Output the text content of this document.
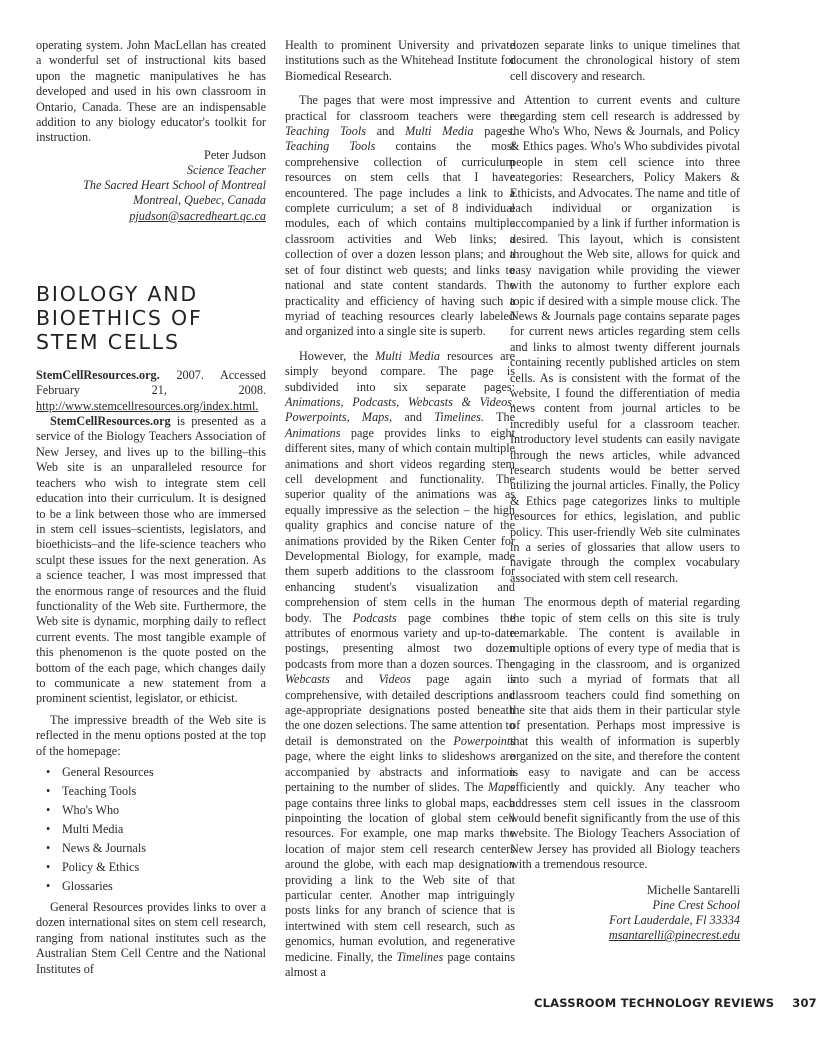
operating system. John MacLellan has created a wonderful set of instructional kits based upon the magnetic manipulatives he has developed and used in his own classroom in Ontario, Canada. These are an indispensable addition to any biology educator's toolkit for instruction.

Peter Judson
Science Teacher
The Sacred Heart School of Montreal
Montreal, Quebec, Canada
pjudson@sacredheart.qc.ca
BIOLOGY AND BIOETHICS OF STEM CELLS

StemCellResources.org. 2007. Accessed February 21, 2008. http://www.stemcellresources.org/index.html.

StemCellResources.org is presented as a service of the Biology Teachers Association of New Jersey, and lives up to the billing–this Web site is an unparalleled resource for teachers who wish to integrate stem cell education into their curriculum. It is designed to be a link between those who are immersed in stem cell issues–scientists, legislators, and bioethicists–and the life-science teachers who sculpt these issues for the next generation. As a science teacher, I was most impressed that the enormous range of resources and the fluid functionality of the Web site. Furthermore, the Web site is dynamic, morphing daily to reflect current events. The most tangible example of this phenomenon is the quote posted on the bottom of the each page, which changes daily to communicate a new statement from a prominent scientist, legislator, or ethicist.

The impressive breadth of the Web site is reflected in the menu options posted at the top of the homepage:

• General Resources
• Teaching Tools
• Who's Who
• Multi Media
• News & Journals
• Policy & Ethics
• Glossaries

General Resources provides links to over a dozen international sites on stem cell research, ranging from national institutes such as the Australian Stem Cell Centre and the National Institutes of

Health to prominent University and private institutions such as the Whitehead Institute for Biomedical Research.

The pages that were most impressive and practical for classroom teachers were the Teaching Tools and Multi Media pages. Teaching Tools contains the most comprehensive collection of curriculum resources on stem cells that I have encountered. The page includes a link to a complete curriculum; a set of 8 individual modules, each of which contains multiple classroom activities and Web links; a collection of over a dozen lesson plans; and a set of four distinct web quests; and links to national and state content standards. The practicality and efficiency of having such a myriad of teaching resources clearly labeled and organized into a single site is superb.

However, the Multi Media resources are simply beyond compare. The page is subdivided into six separate pages: Animations, Podcasts, Webcasts & Videos, Powerpoints, Maps, and Timelines. The Animations page provides links to eight different sites, many of which contain multiple animations and short videos regarding stem cell development and functionality. The superior quality of the animations was as equally impressive as the selection – the high quality graphics and concise nature of the animations provided by the Riken Center for Developmental Biology, for example, made them superb additions to the classroom for enhancing student's visualization and comprehension of stem cells in the human body. The Podcasts page combines the attributes of enormous variety and up-to-date postings, presenting almost two dozen podcasts from more than a dozen sources. The Webcasts and Videos page again is comprehensive, with detailed descriptions and age-appropriate designations posted beneath the one dozen selections. The same attention to detail is demonstrated on the Powerpoints page, where the eight links to slideshows are accompanied by abstracts and information pertaining to the number of slides. The Maps page contains three links to global maps, each pinpointing the location of global stem cell resources. For example, one map marks the location of major stem cell research centers around the globe, with each map designation providing a link to the Web site of that particular center. Another map intriguingly posts links for any branch of science that is intertwined with stem cell research, such as genomics, human evolution, and regenerative medicine. Finally, the Timelines page contains almost a

dozen separate links to unique timelines that document the chronological history of stem cell discovery and research.

Attention to current events and culture regarding stem cell research is addressed by the Who's Who, News & Journals, and Policy & Ethics pages. Who's Who subdivides pivotal people in stem cell science into three categories: Researchers, Policy Makers & Ethicists, and Advocates. The name and title of each individual or organization is accompanied by a link if further information is desired. This layout, which is consistent throughout the Web site, allows for quick and easy navigation while providing the viewer with the autonomy to further explore each topic if desired with a simple mouse click. The News & Journals page contains separate pages for current news articles regarding stem cells and links to almost twenty different journals containing recently published articles on stem cells. As is consistent with the format of the website, I found the differentiation of media news content from journal articles to be incredibly useful for a classroom teacher. Introductory level students can easily navigate through the news articles, while advanced research students would be better served utilizing the journal articles. Finally, the Policy & Ethics page categorizes links to multiple resources for ethics, legislation, and public policy. This user-friendly Web site culminates in a series of glossaries that allow users to navigate through the complex vocabulary associated with stem cell research.

The enormous depth of material regarding the topic of stem cells on this site is truly remarkable. The content is available in multiple options of every type of media that is engaging in the classroom, and is organized into such a myriad of formats that all classroom teachers could find something on the site that aids them in their particular style of presentation. Perhaps most impressive is that this wealth of information is superbly organized on the site, and therefore the content is easy to navigate and can be access efficiently and quickly. Any teacher who addresses stem cell issues in the classroom would benefit significantly from the use of this website. The Biology Teachers Association of New Jersey has provided all Biology teachers with a tremendous resource.

Michelle Santarelli
Pine Crest School
Fort Lauderdale, Fl 33334
msantarelli@pinecrest.edu
CLASSROOM TECHNOLOGY REVIEWS 307
